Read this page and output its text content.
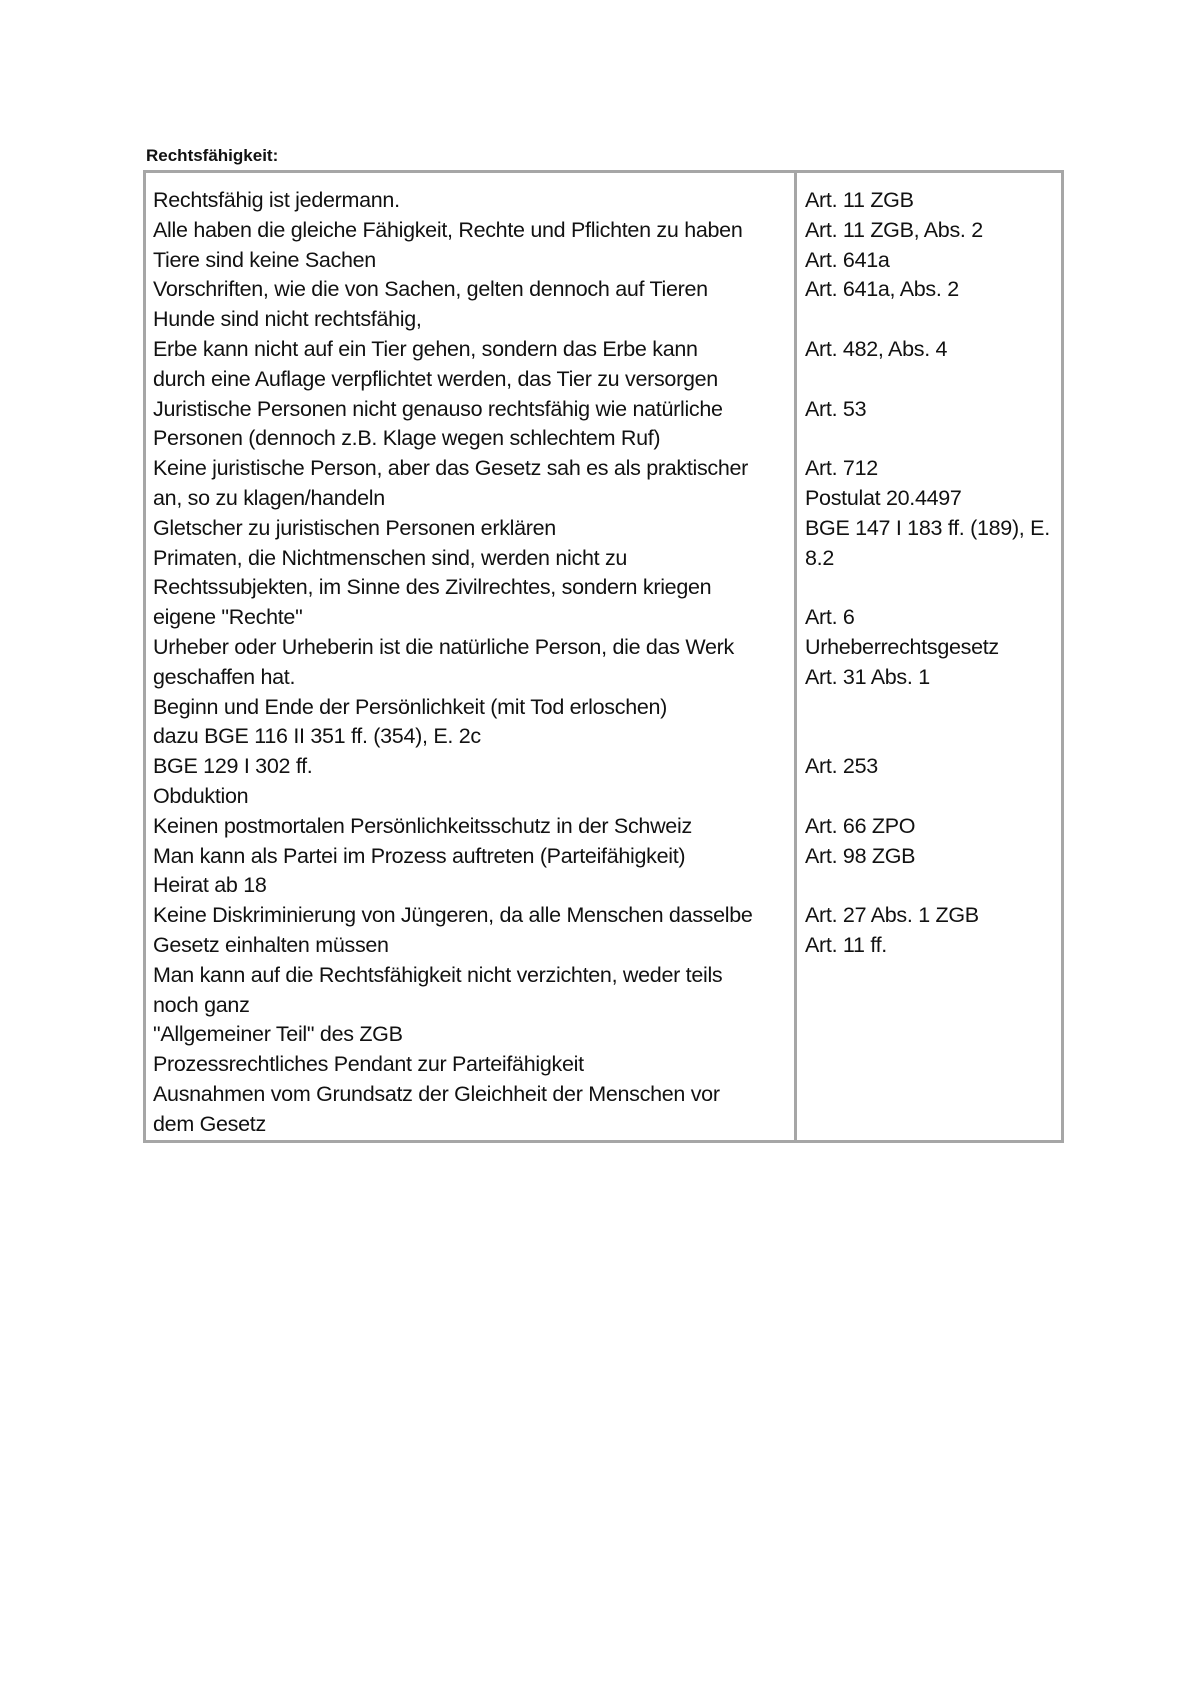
Rechtsfähigkeit:
Rechtsfähig ist jedermann.
Alle haben die gleiche Fähigkeit, Rechte und Pflichten zu haben
Tiere sind keine Sachen
Vorschriften, wie die von Sachen, gelten dennoch auf Tieren
Hunde sind nicht rechtsfähig,
Erbe kann nicht auf ein Tier gehen, sondern das Erbe kann
durch eine Auflage verpflichtet werden, das Tier zu versorgen
Juristische Personen nicht genauso rechtsfähig wie natürliche
Personen (dennoch z.B. Klage wegen schlechtem Ruf)
Keine juristische Person, aber das Gesetz sah es als praktischer
an, so zu klagen/handeln
Gletscher zu juristischen Personen erklären
Primaten, die Nichtmenschen sind, werden nicht zu
Rechtssubjekten, im Sinne des Zivilrechtes, sondern kriegen
eigene "Rechte"
Urheber oder Urheberin ist die natürliche Person, die das Werk
geschaffen hat.
Beginn und Ende der Persönlichkeit (mit Tod erloschen)
dazu BGE 116 II 351 ff. (354), E. 2c
BGE 129 I 302 ff.
Obduktion
Keinen postmortalen Persönlichkeitsschutz in der Schweiz
Man kann als Partei im Prozess auftreten (Parteifähigkeit)
Heirat ab 18
Keine Diskriminierung von Jüngeren, da alle Menschen dasselbe
Gesetz einhalten müssen
Man kann auf die Rechtsfähigkeit nicht verzichten, weder teils
noch ganz
"Allgemeiner Teil" des ZGB
Prozessrechtliches Pendant zur Parteifähigkeit
Ausnahmen vom Grundsatz der Gleichheit der Menschen vor
dem Gesetz
Art. 11 ZGB
Art. 11 ZGB, Abs. 2
Art. 641a
Art. 641a, Abs. 2
Art. 482, Abs. 4
Art. 53
Art. 712
Postulat 20.4497
BGE 147 I 183 ff. (189), E.
8.2
Art. 6
Urheberrechtsgesetz
Art. 31 Abs. 1
Art. 253
Art. 66 ZPO
Art. 98 ZGB
Art. 27 Abs. 1 ZGB
Art. 11 ff.
